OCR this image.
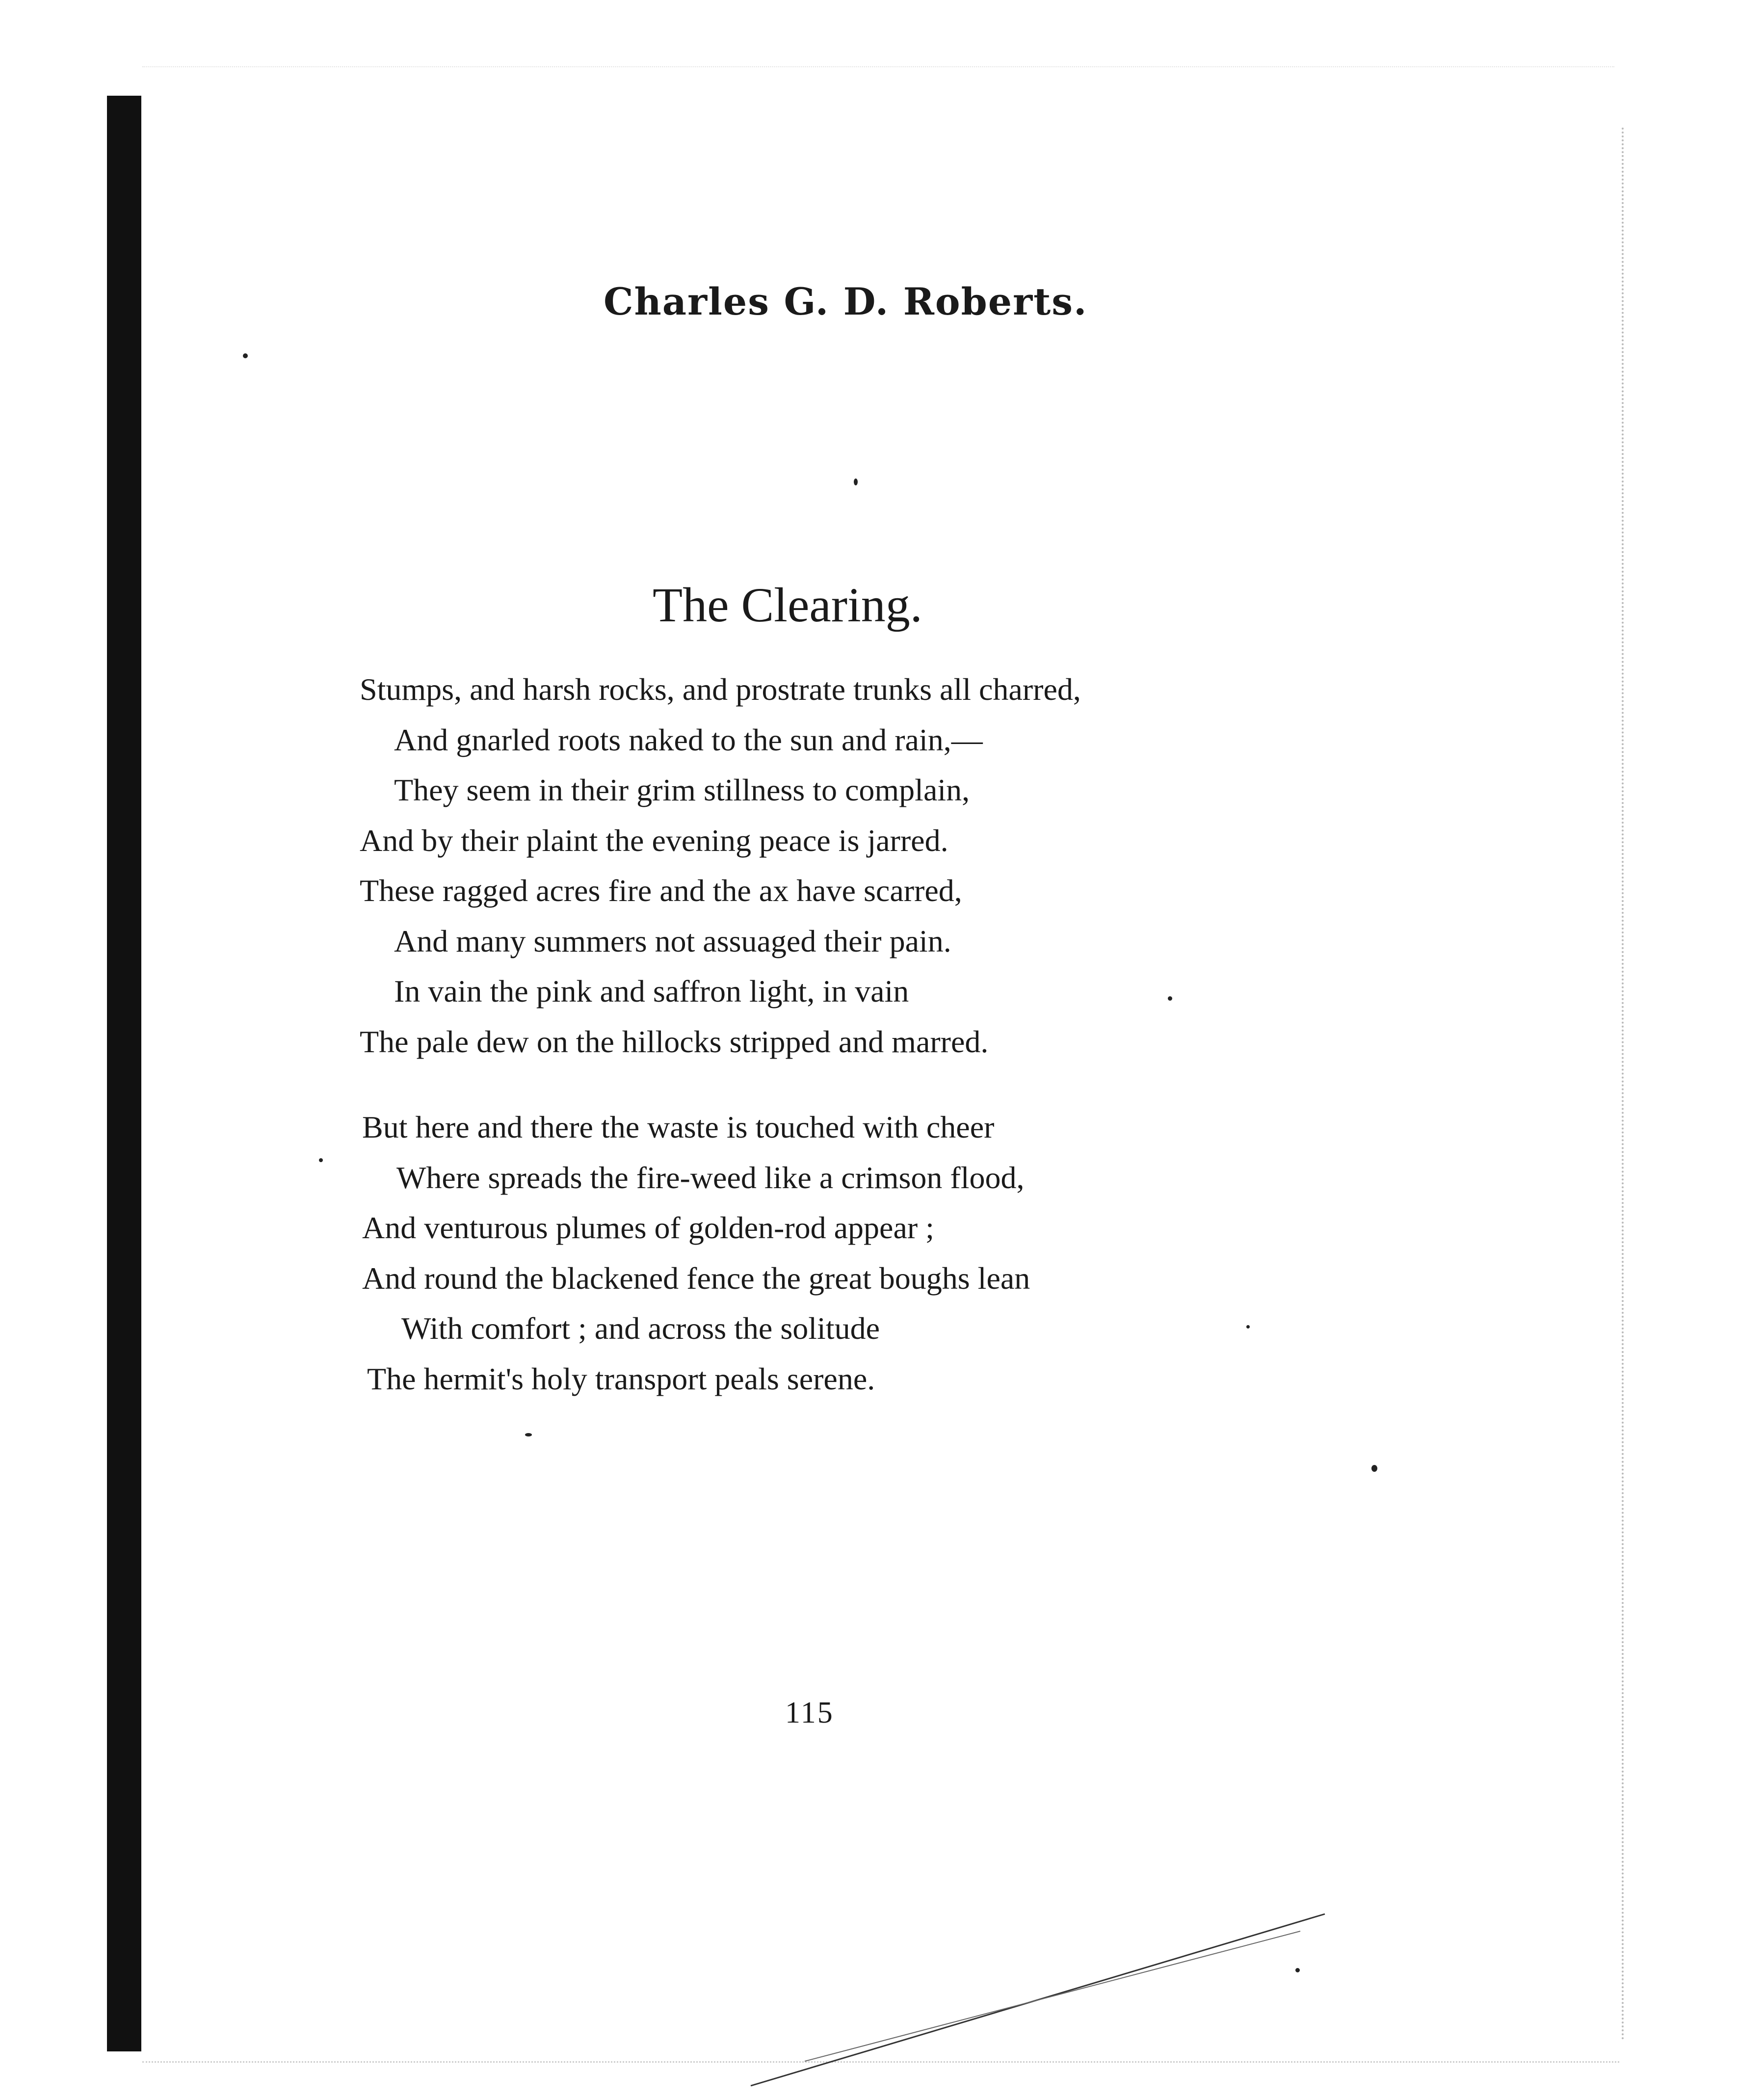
Charles G. D. Roberts.
The Clearing.
Stumps, and harsh rocks, and prostrate trunks all charred,
And gnarled roots naked to the sun and rain,—
They seem in their grim stillness to complain,
And by their plaint the evening peace is jarred.
These ragged acres fire and the ax have scarred,
And many summers not assuaged their pain.
In vain the pink and saffron light, in vain
The pale dew on the hillocks stripped and marred.
But here and there the waste is touched with cheer
Where spreads the fire-weed like a crimson flood,
And venturous plumes of golden-rod appear ;
And round the blackened fence the great boughs lean
With comfort ; and across the solitude
The hermit's holy transport peals serene.
115
